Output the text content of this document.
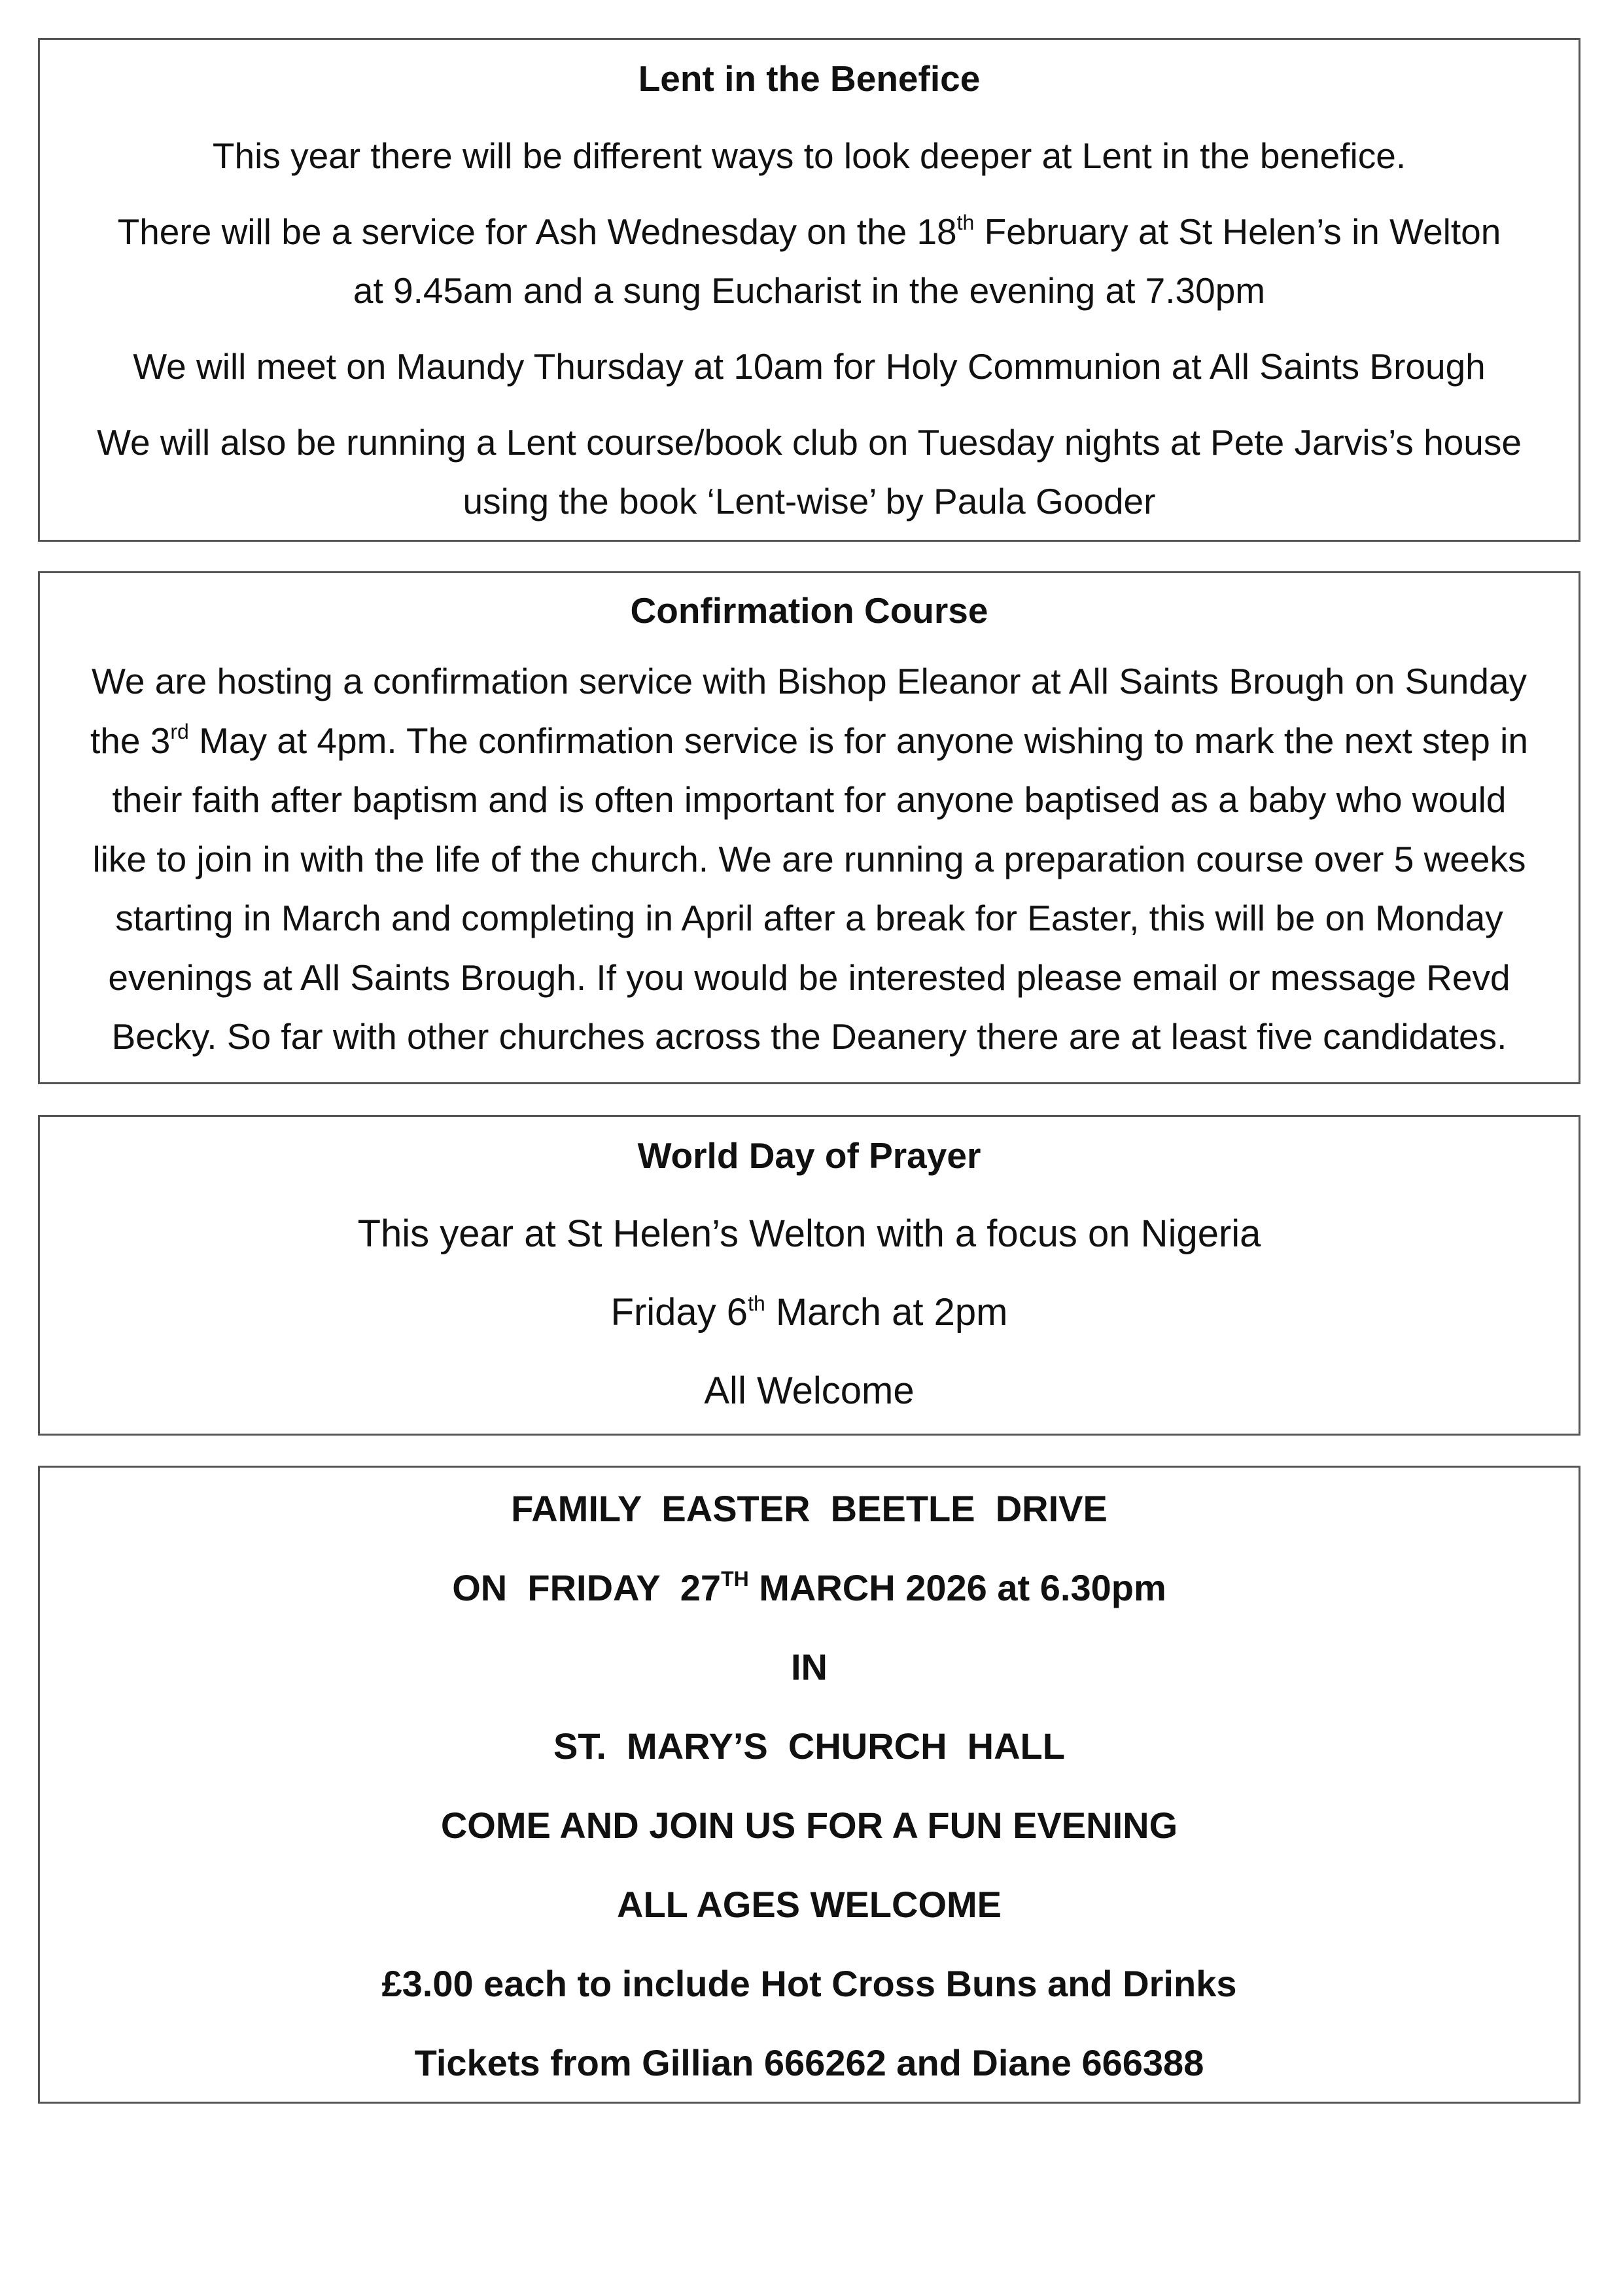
Lent in the Benefice

This year there will be different ways to look deeper at Lent in the benefice.

There will be a service for Ash Wednesday on the 18th February at St Helen’s in Welton

at 9.45am and a sung Eucharist in the evening at 7.30pm

We will meet on Maundy Thursday at 10am for Holy Communion at All Saints Brough

We will also be running a Lent course/book club on Tuesday nights at Pete Jarvis’s house

using the book ‘Lent-wise’ by Paula Gooder

Confirmation Course

We are hosting a confirmation service with Bishop Eleanor at All Saints Brough on Sunday

the 3rd May at 4pm. The confirmation service is for anyone wishing to mark the next step in

their faith after baptism and is often important for anyone baptised as a baby who would

like to join in with the life of the church. We are running a preparation course over 5 weeks

starting in March and completing in April after a break for Easter, this will be on Monday

evenings at All Saints Brough. If you would be interested please email or message Revd

Becky. So far with other churches across the Deanery there are at least five candidates.

World Day of Prayer

This year at St Helen’s Welton with a focus on Nigeria

Friday 6th March at 2pm

All Welcome

FAMILY  EASTER  BEETLE  DRIVE

ON  FRIDAY  27TH MARCH 2026 at 6.30pm

IN

ST.  MARY’S  CHURCH  HALL

COME AND JOIN US FOR A FUN EVENING

ALL AGES WELCOME

£3.00 each to include Hot Cross Buns and Drinks

Tickets from Gillian 666262 and Diane 666388
